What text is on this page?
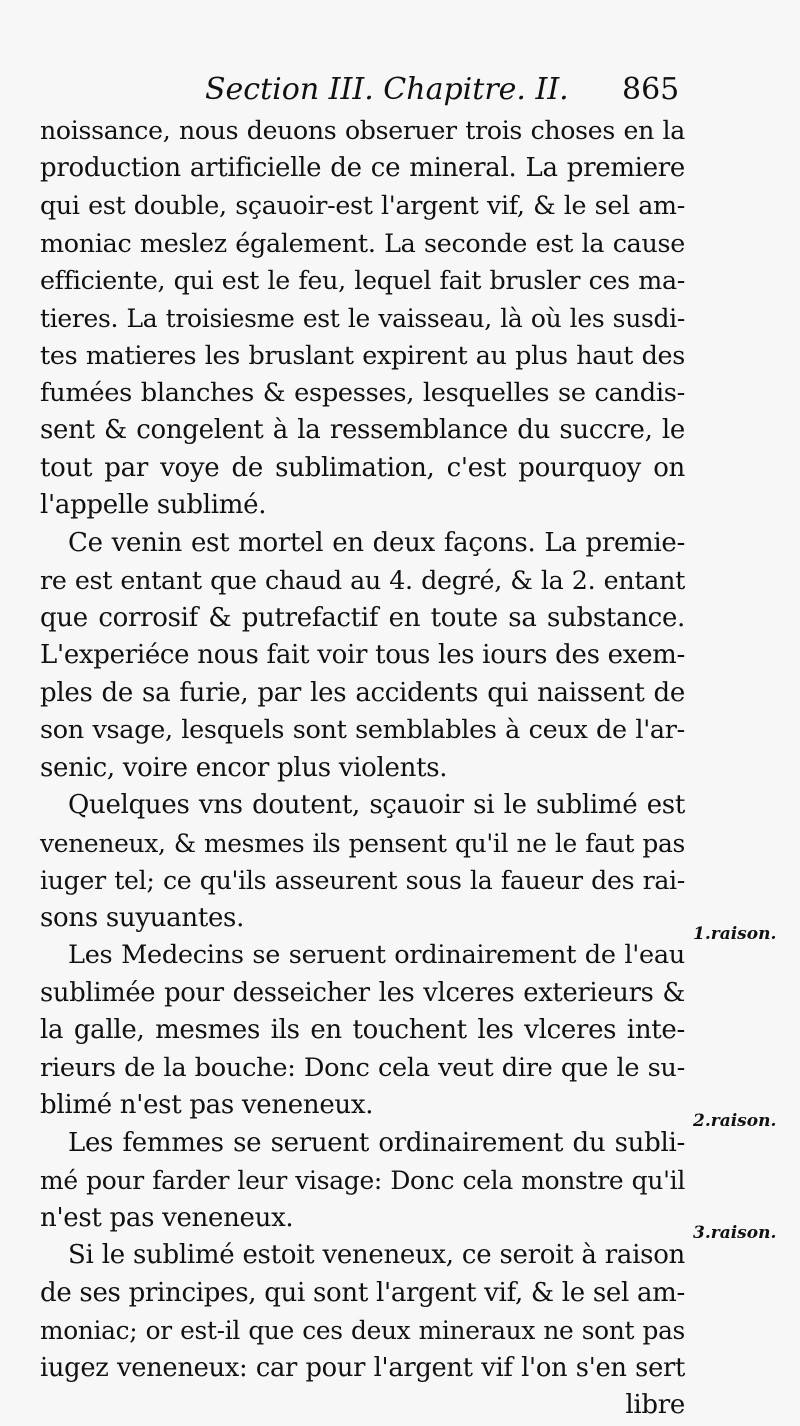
Section III. Chapitre. II. 865
noissance, nous deuons obseruer trois choses en la
production artificielle de ce mineral. La premiere
qui est double, sçauoir-est l'argent vif, & le sel am-
moniac meslez également. La seconde est la cause
efficiente, qui est le feu, lequel fait brusler ces ma-
tieres. La troisiesme est le vaisseau, là où les susdi-
tes matieres les bruslant expirent au plus haut des
fumées blanches & espesses, lesquelles se candis-
sent & congelent à la ressemblance du succre, le
tout par voye de sublimation, c'est pourquoy on
l'appelle sublimé.
Ce venin est mortel en deux façons. La premie-
re est entant que chaud au 4. degré, & la 2. entant
que corrosif & putrefactif en toute sa substance.
L'experiéce nous fait voir tous les iours des exem-
ples de sa furie, par les accidents qui naissent de
son vsage, lesquels sont semblables à ceux de l'ar-
senic, voire encor plus violents.
Quelques vns doutent, sçauoir si le sublimé est
veneneux, & mesmes ils pensent qu'il ne le faut pas
iuger tel; ce qu'ils asseurent sous la faueur des rai-
sons suyuantes.
Les Medecins se seruent ordinairement de l'eau
sublimée pour desseicher les vlceres exterieurs &
la galle, mesmes ils en touchent les vlceres inte-
rieurs de la bouche: Donc cela veut dire que le su-
blimé n'est pas veneneux.
Les femmes se seruent ordinairement du subli-
mé pour farder leur visage: Donc cela monstre qu'il
n'est pas veneneux.
Si le sublimé estoit veneneux, ce seroit à raison
de ses principes, qui sont l'argent vif, & le sel am-
moniac; or est-il que ces deux mineraux ne sont pas
iugez veneneux: car pour l'argent vif l'on s'en sert
libre
1.raison.
2.raison.
3.raison.
